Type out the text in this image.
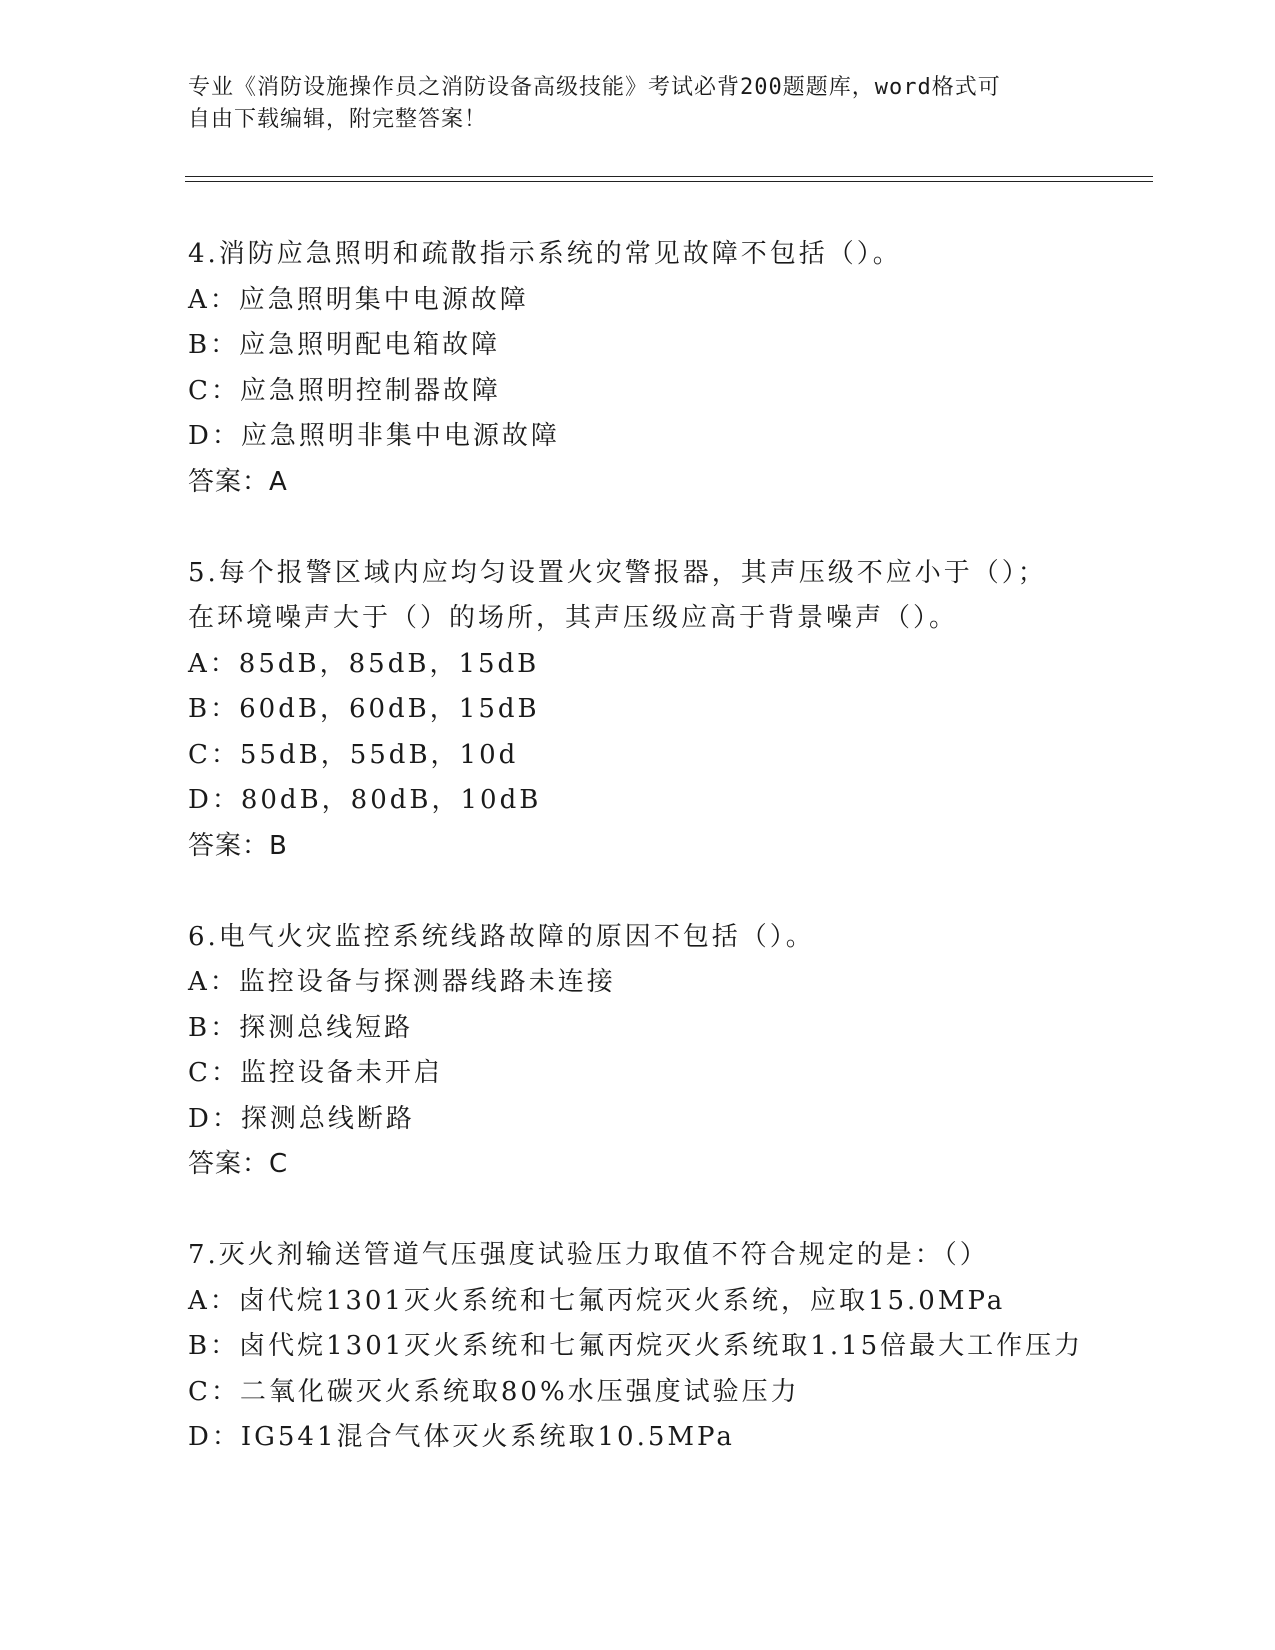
专业《消防设施操作员之消防设备高级技能》考试必背200题题库，word格式可
自由下载编辑，附完整答案！
4.消防应急照明和疏散指示系统的常见故障不包括（）。
A：应急照明集中电源故障
B：应急照明配电箱故障
C：应急照明控制器故障
D：应急照明非集中电源故障
答案：A
5.每个报警区域内应均匀设置火灾警报器，其声压级不应小于（）；
在环境噪声大于（）的场所，其声压级应高于背景噪声（）。
A：85dB，85dB，15dB
B：60dB，60dB，15dB
C：55dB，55dB，10d
D：80dB，80dB，10dB
答案：B
6.电气火灾监控系统线路故障的原因不包括（）。
A：监控设备与探测器线路未连接
B：探测总线短路
C：监控设备未开启
D：探测总线断路
答案：C
7.灭火剂输送管道气压强度试验压力取值不符合规定的是：（）
A：卤代烷1301灭火系统和七氟丙烷灭火系统，应取15.0MPa
B：卤代烷1301灭火系统和七氟丙烷灭火系统取1.15倍最大工作压力
C：二氧化碳灭火系统取80%水压强度试验压力
D：IG541混合气体灭火系统取10.5MPa
